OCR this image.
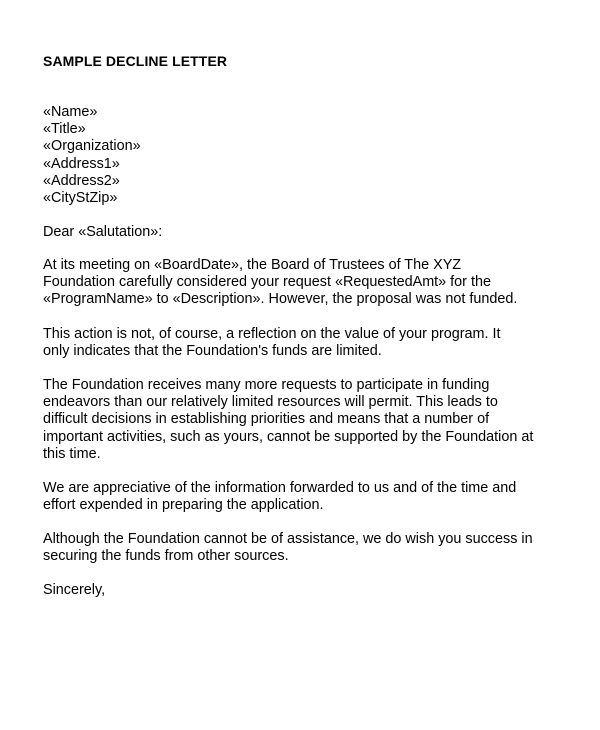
SAMPLE DECLINE LETTER
«Name»
«Title»
«Organization»
«Address1»
«Address2»
«CityStZip»
Dear «Salutation»:
At its meeting on «BoardDate», the Board of Trustees of The XYZ
Foundation carefully considered your request «RequestedAmt» for the
«ProgramName» to «Description». However, the proposal was not funded.
This action is not, of course, a reflection on the value of your program. It
only indicates that the Foundation's funds are limited.
The Foundation receives many more requests to participate in funding
endeavors than our relatively limited resources will permit. This leads to
difficult decisions in establishing priorities and means that a number of
important activities, such as yours, cannot be supported by the Foundation at
this time.
We are appreciative of the information forwarded to us and of the time and
effort expended in preparing the application.
Although the Foundation cannot be of assistance, we do wish you success in
securing the funds from other sources.
Sincerely,
